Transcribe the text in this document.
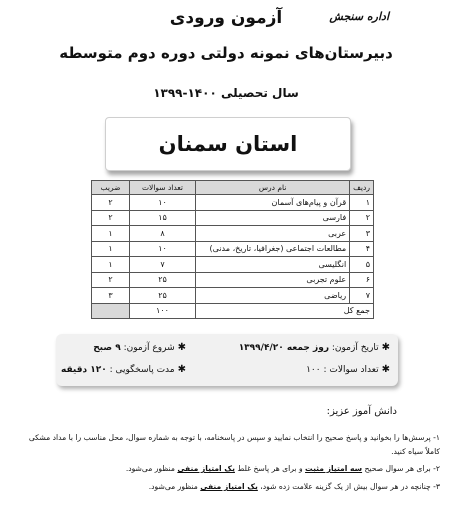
اداره سنجش
آزمون ورودی
دبیرستان‌های نمونه دولتی دوره دوم متوسطه
سال تحصیلی ۱۴۰۰-۱۳۹۹
استان سمنان
ردیف	نام درس	تعداد سوالات	ضریب
۱	قرآن و پیام‌های آسمان	۱۰	۲
۲	فارسی	۱۵	۲
۳	عربی	۸	۱
۴	مطالعات اجتماعی (جغرافیا، تاریخ، مدنی)	۱۰	۱
۵	انگلیسی	۷	۱
۶	علوم تجربی	۲۵	۲
۷	ریاضی	۲۵	۳
جمع کل		۱۰۰	
✱تاریخ آزمون: روز جمعه ۱۳۹۹/۴/۲۰
✱شروع آزمون: ۹ صبح
✱تعداد سوالات : ۱۰۰
✱مدت پاسخگویی : ۱۲۰ دقیقه
دانش آموز عزیز:
۱- پرسش‌ها را بخوانید و پاسخ صحیح را انتخاب نمایید و سپس در پاسخنامه، با توجه به شماره سوال، محل مناسب را با مداد مشکی کاملاً سیاه کنید.
۲- برای هر سوال صحیح سه امتیاز مثبت و برای هر پاسخ غلط یک امتیاز منفی منظور می‌شود.
۳- چنانچه در هر سوال بیش از یک گزینه علامت زده شود، یک امتیاز منفی منظور می‌شود.
